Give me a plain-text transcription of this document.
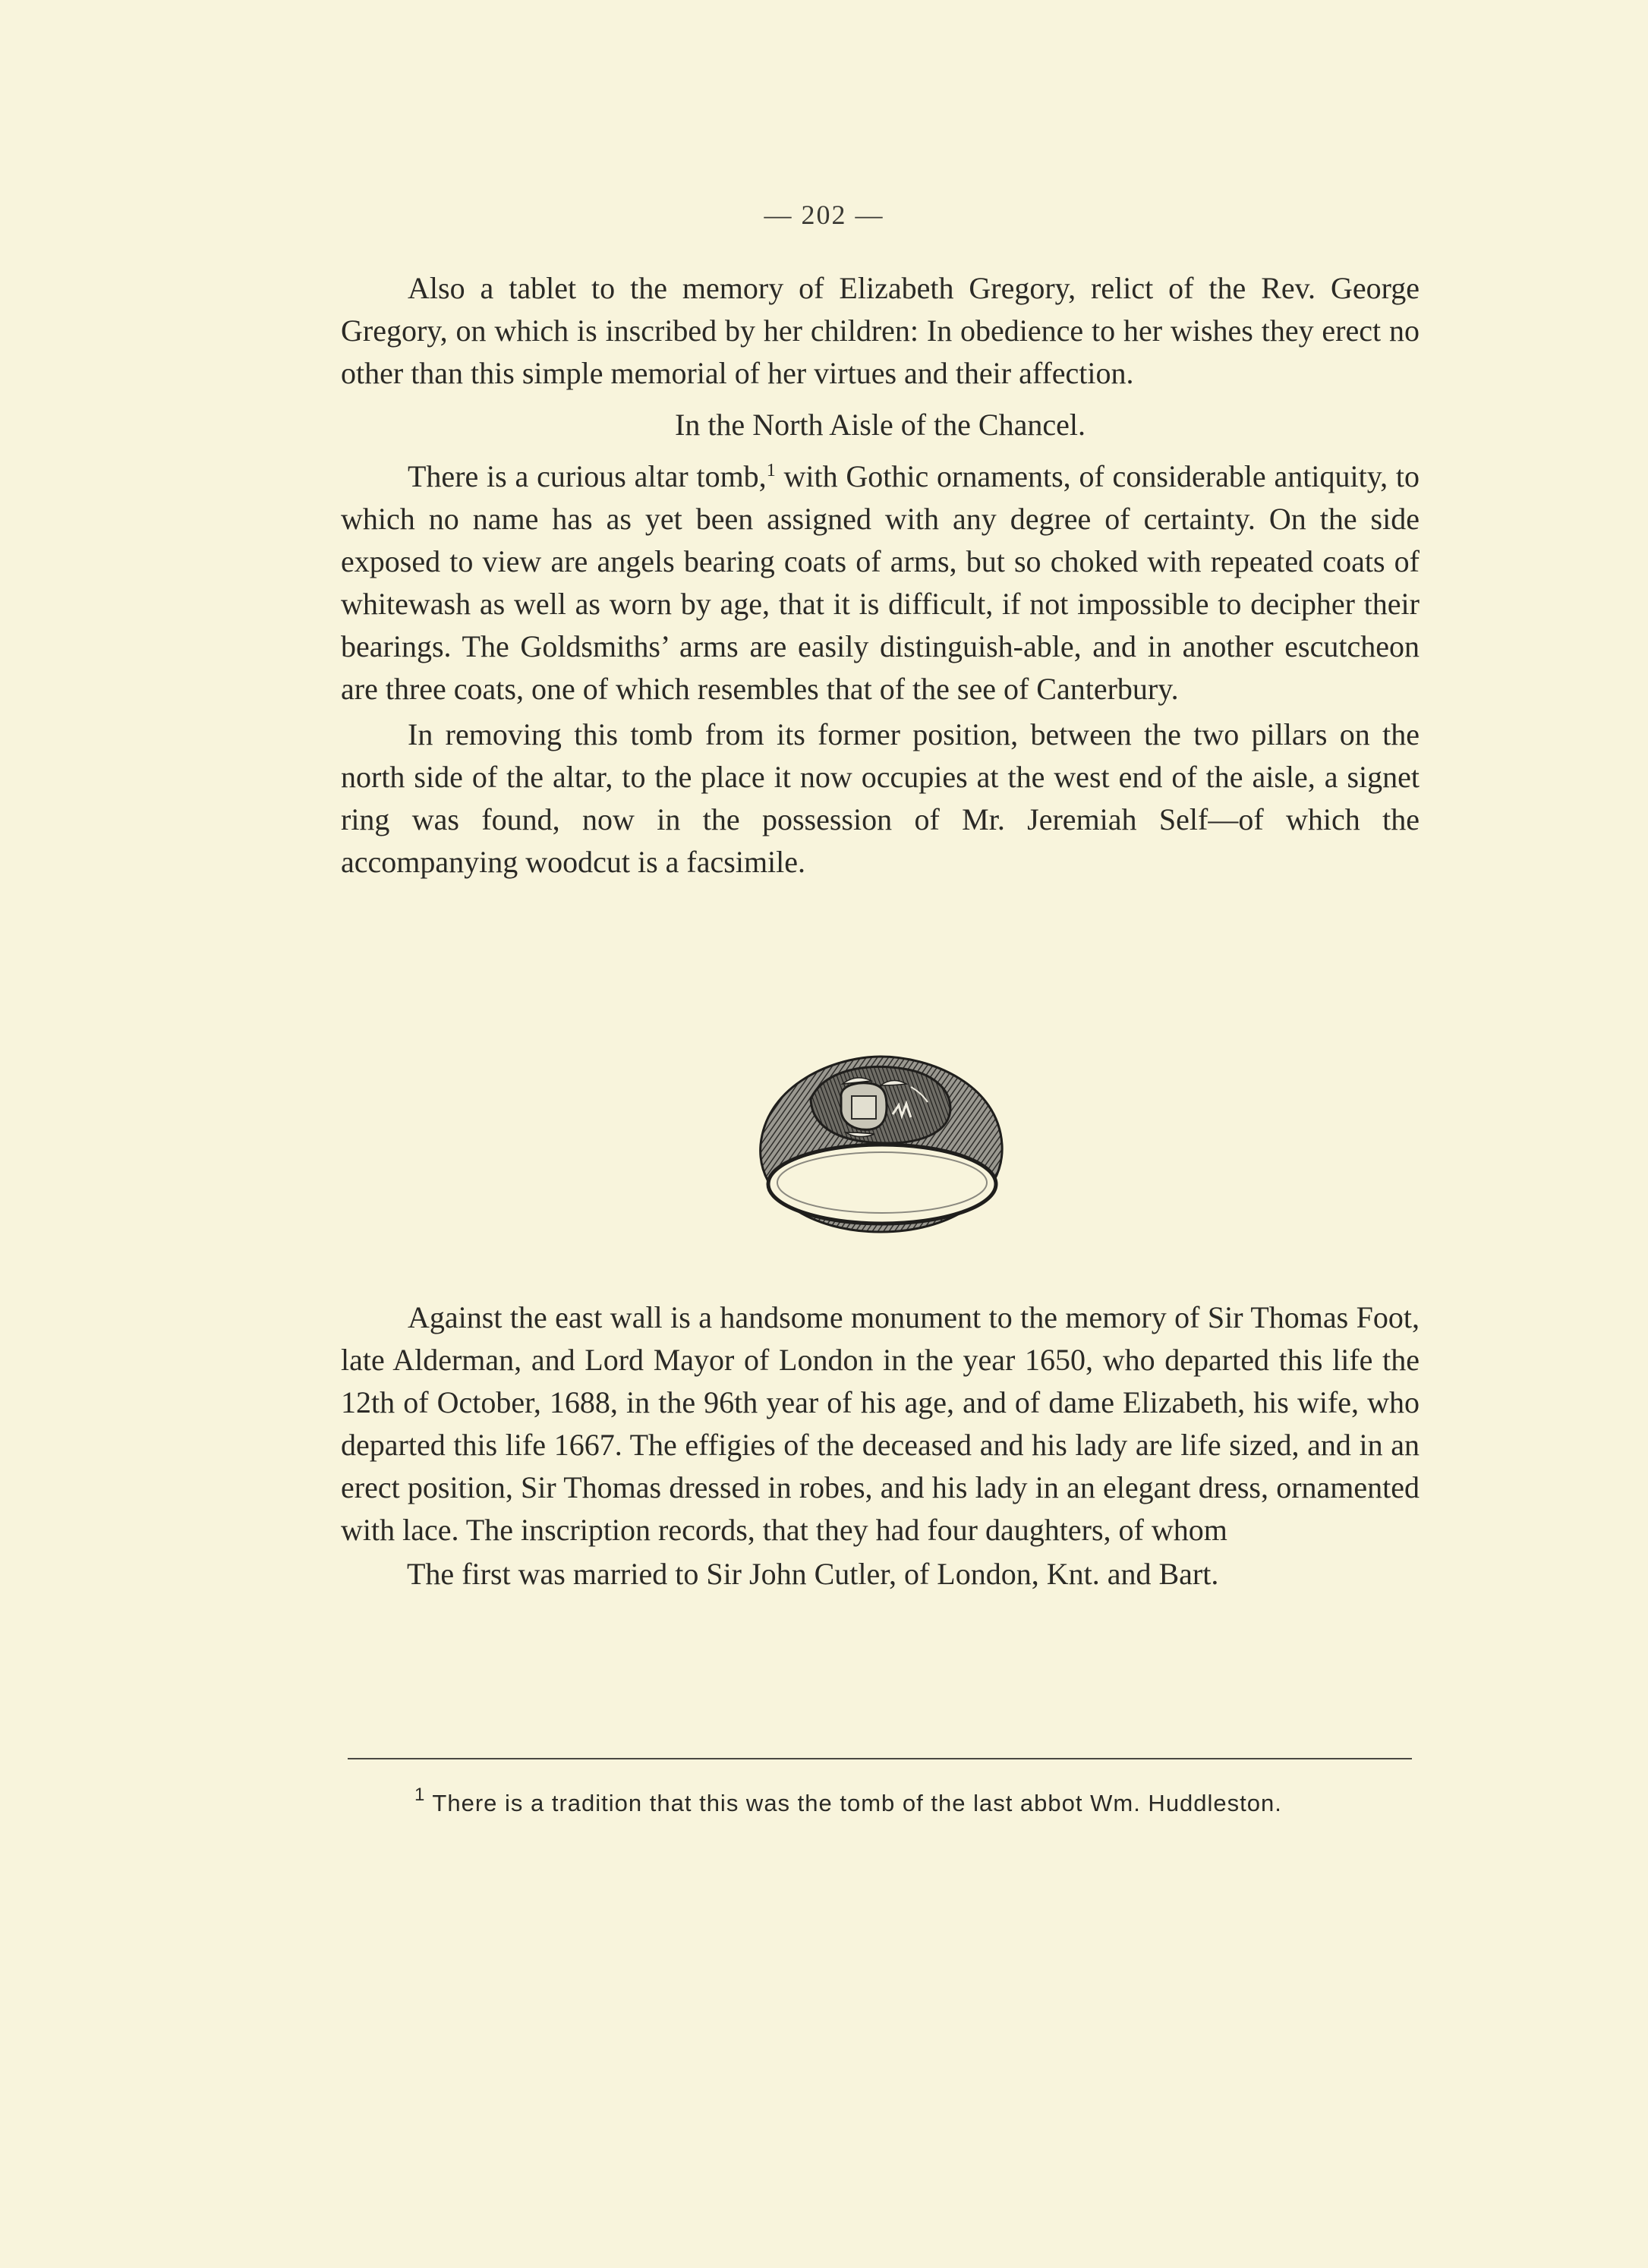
— 202 —

Also a tablet to the memory of Elizabeth Gregory, relict of the Rev. George Gregory, on which is inscribed by her children: In obedience to her wishes they erect no other than this simple memorial of her virtues and their affection.

In the North Aisle of the Chancel.

There is a curious altar tomb,$^1$ with Gothic ornaments, of considerable antiquity, to which no name has as yet been assigned with any degree of certainty. On the side exposed to view are angels bearing coats of arms, but so choked with repeated coats of whitewash as well as worn by age, that it is difficult, if not impossible to decipher their bearings. The Goldsmiths’ arms are easily distinguish-able, and in another escutcheon are three coats, one of which resembles that of the see of Canterbury.

In removing this tomb from its former position, between the two pillars on the north side of the altar, to the place it now occupies at the west end of the aisle, a signet ring was found, now in the possession of Mr. Jeremiah Self—of which the accompanying woodcut is a facsimile.

Against the east wall is a handsome monument to the memory of Sir Thomas Foot, late Alderman, and Lord Mayor of London in the year 1650, who departed this life the 12th of October, 1688, in the 96th year of his age, and of dame Elizabeth, his wife, who departed this life 1667. The effigies of the deceased and his lady are life sized, and in an erect position, Sir Thomas dressed in robes, and his lady in an elegant dress, ornamented with lace. The inscription records, that they had four daughters, of whom

The first was married to Sir John Cutler, of London, Knt. and Bart.

$^1$ There is a tradition that this was the tomb of the last abbot Wm. Huddleston.
